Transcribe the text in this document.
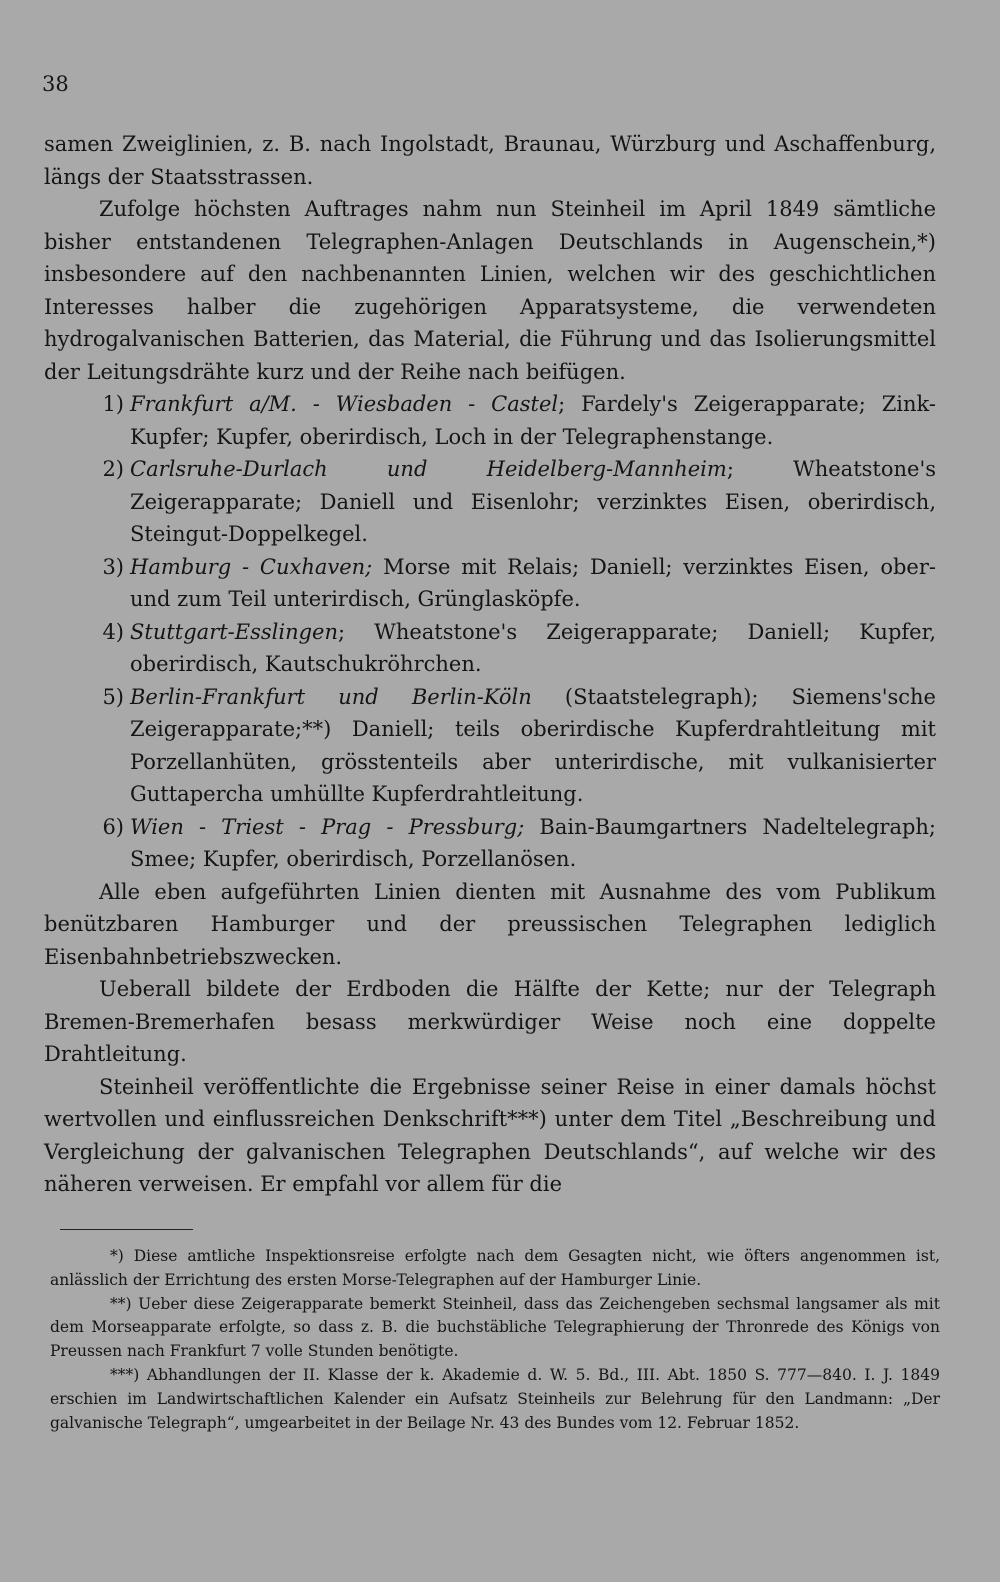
38

samen Zweiglinien, z. B. nach Ingolstadt, Braunau, Würzburg und Aschaffenburg, längs der Staatsstrassen.

Zufolge höchsten Auftrages nahm nun Steinheil im April 1849 sämtliche bisher entstandenen Telegraphen-Anlagen Deutschlands in Augenschein,*) insbesondere auf den nachbenannten Linien, welchen wir des geschichtlichen Interesses halber die zugehörigen Apparatsysteme, die verwendeten hydrogalvanischen Batterien, das Material, die Führung und das Isolierungsmittel der Leitungsdrähte kurz und der Reihe nach beifügen.

1) Frankfurt a/M. - Wiesbaden - Castel; Fardely's Zeigerapparate; Zink-Kupfer; Kupfer, oberirdisch, Loch in der Telegraphenstange.

2) Carlsruhe-Durlach und Heidelberg-Mannheim; Wheatstone's Zeigerapparate; Daniell und Eisenlohr; verzinktes Eisen, oberirdisch, Steingut-Doppelkegel.

3) Hamburg - Cuxhaven; Morse mit Relais; Daniell; verzinktes Eisen, ober- und zum Teil unterirdisch, Grünglasköpfe.

4) Stuttgart-Esslingen; Wheatstone's Zeigerapparate; Daniell; Kupfer, oberirdisch, Kautschukröhrchen.

5) Berlin-Frankfurt und Berlin-Köln (Staatstelegraph); Siemens'sche Zeigerapparate;**) Daniell; teils oberirdische Kupferdrahtleitung mit Porzellanhüten, grösstenteils aber unterirdische, mit vulkanisierter Guttapercha umhüllte Kupferdrahtleitung.

6) Wien - Triest - Prag - Pressburg; Bain-Baumgartners Nadeltelegraph; Smee; Kupfer, oberirdisch, Porzellanösen.

Alle eben aufgeführten Linien dienten mit Ausnahme des vom Publikum benützbaren Hamburger und der preussischen Telegraphen lediglich Eisenbahnbetriebszwecken.

Ueberall bildete der Erdboden die Hälfte der Kette; nur der Telegraph Bremen-Bremerhafen besass merkwürdiger Weise noch eine doppelte Drahtleitung.

Steinheil veröffentlichte die Ergebnisse seiner Reise in einer damals höchst wertvollen und einflussreichen Denkschrift***) unter dem Titel „Beschreibung und Vergleichung der galvanischen Telegraphen Deutschlands“, auf welche wir des näheren verweisen. Er empfahl vor allem für die

*) Diese amtliche Inspektionsreise erfolgte nach dem Gesagten nicht, wie öfters angenommen ist, anlässlich der Errichtung des ersten Morse-Telegraphen auf der Hamburger Linie.

**) Ueber diese Zeigerapparate bemerkt Steinheil, dass das Zeichengeben sechsmal langsamer als mit dem Morseapparate erfolgte, so dass z. B. die buchstäbliche Telegraphierung der Thronrede des Königs von Preussen nach Frankfurt 7 volle Stunden benötigte.

***) Abhandlungen der II. Klasse der k. Akademie d. W. 5. Bd., III. Abt. 1850 S. 777—840. I. J. 1849 erschien im Landwirtschaftlichen Kalender ein Aufsatz Steinheils zur Belehrung für den Landmann: „Der galvanische Telegraph“, umgearbeitet in der Beilage Nr. 43 des Bundes vom 12. Februar 1852.
